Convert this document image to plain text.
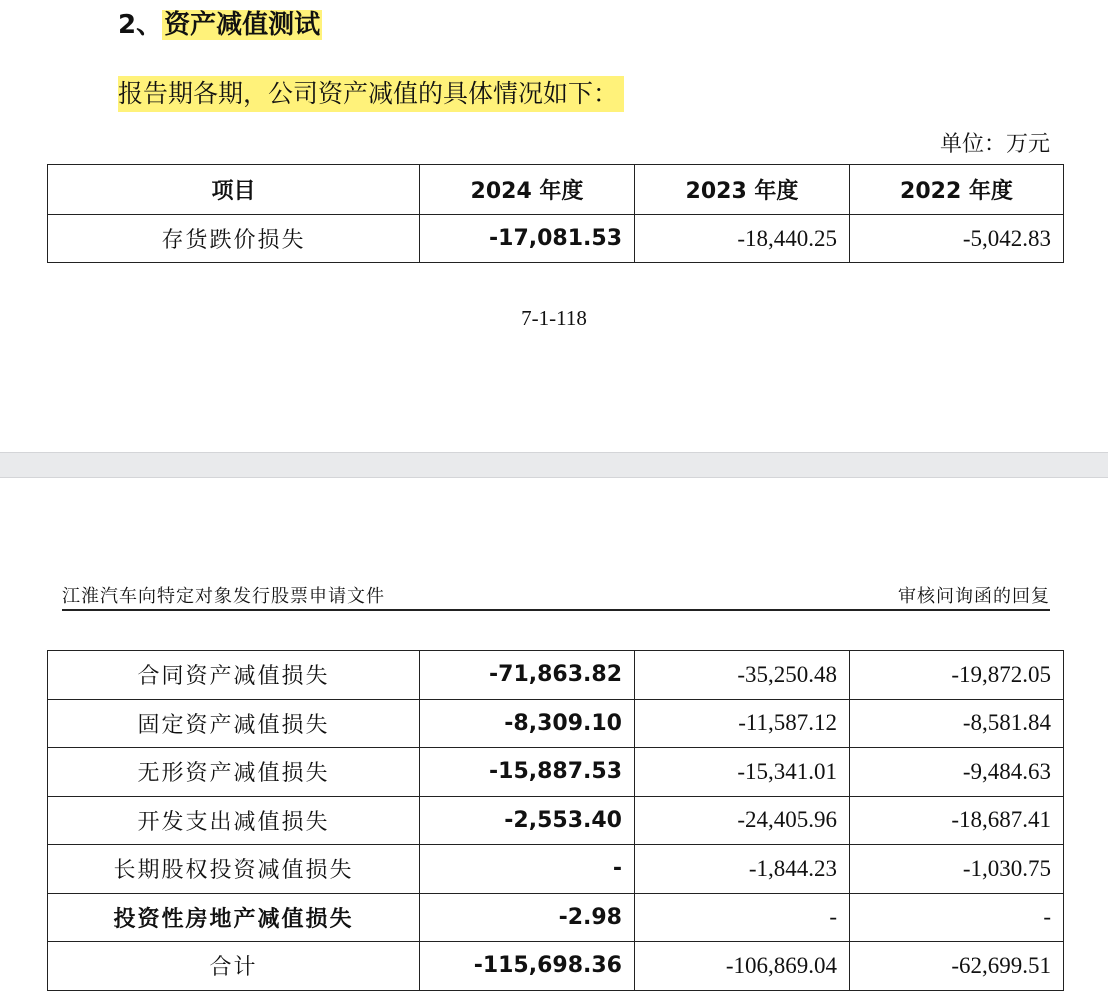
2、资产减值测试
报告期各期，公司资产减值的具体情况如下：
单位：万元
项目	2024 年度	2023 年度	2022 年度
存货跌价损失	-17,081.53	-18,440.25	-5,042.83
7-1-118
江淮汽车向特定对象发行股票申请文件	审核问询函的回复
合同资产减值损失	-71,863.82	-35,250.48	-19,872.05
固定资产减值损失	-8,309.10	-11,587.12	-8,581.84
无形资产减值损失	-15,887.53	-15,341.01	-9,484.63
开发支出减值损失	-2,553.40	-24,405.96	-18,687.41
长期股权投资减值损失	-	-1,844.23	-1,030.75
投资性房地产减值损失	-2.98	-	-
合计	-115,698.36	-106,869.04	-62,699.51
